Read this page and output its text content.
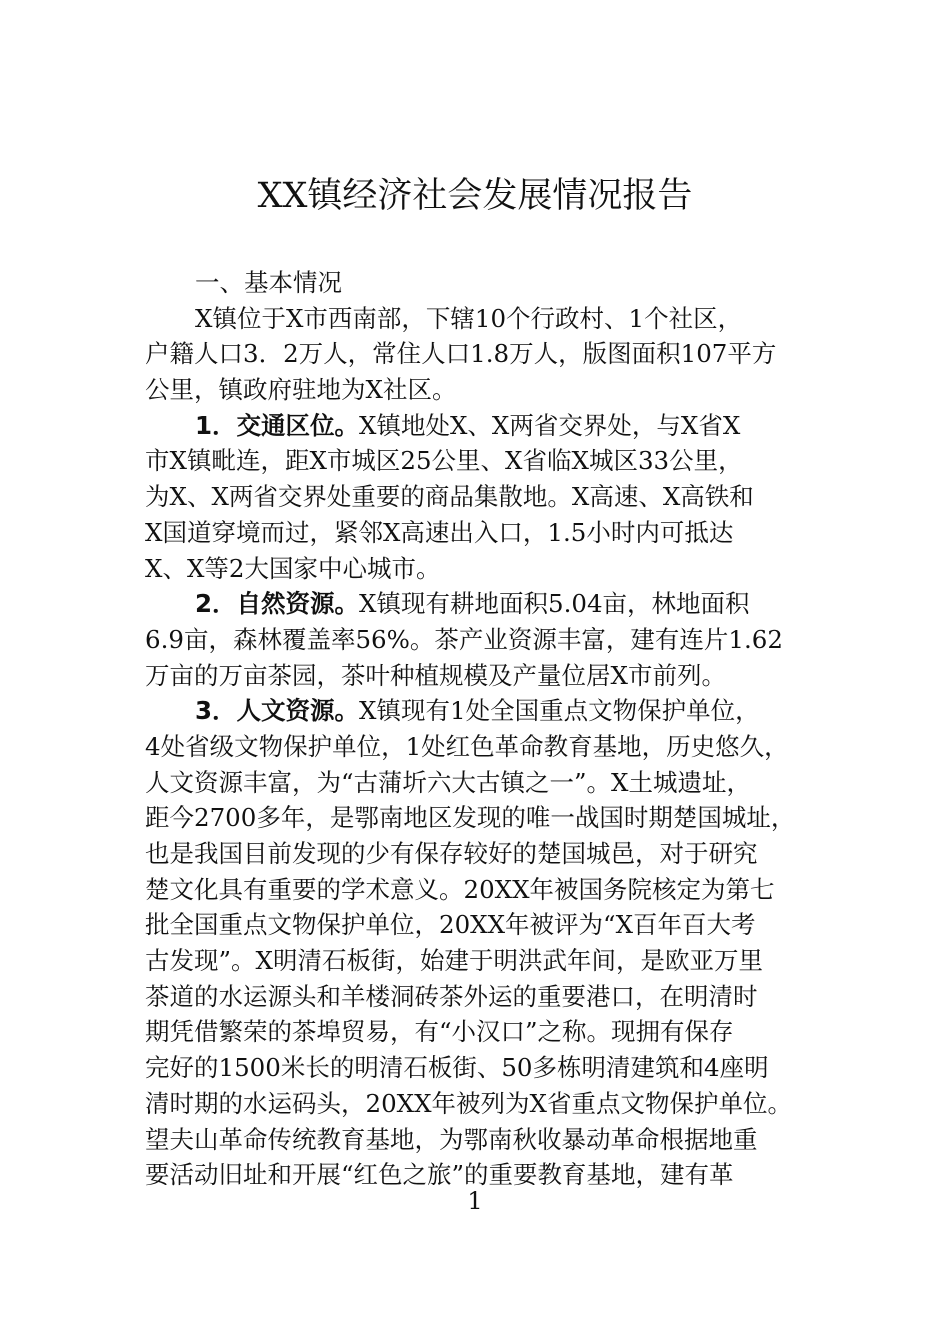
XX镇经济社会发展情况报告
一、基本情况
X镇位于X市西南部，下辖10个行政村、1个社区，
户籍人口3．2万人，常住人口1.8万人，版图面积107平方
公里，镇政府驻地为X社区。
1．交通区位。X镇地处X、X两省交界处，与X省X
市X镇毗连，距X市城区25公里、X省临X城区33公里，
为X、X两省交界处重要的商品集散地。X高速、X高铁和
X国道穿境而过，紧邻X高速出入口，1.5小时内可抵达
X、X等2大国家中心城市。
2．自然资源。X镇现有耕地面积5.04亩，林地面积
6.9亩，森林覆盖率56%。茶产业资源丰富，建有连片1.62
万亩的万亩茶园，茶叶种植规模及产量位居X市前列。
3．人文资源。X镇现有1处全国重点文物保护单位，
4处省级文物保护单位，1处红色革命教育基地，历史悠久，
人文资源丰富，为“古蒲圻六大古镇之一”。X土城遗址，
距今2700多年，是鄂南地区发现的唯一战国时期楚国城址，
也是我国目前发现的少有保存较好的楚国城邑，对于研究
楚文化具有重要的学术意义。20XX年被国务院核定为第七
批全国重点文物保护单位，20XX年被评为“X百年百大考
古发现”。X明清石板街，始建于明洪武年间，是欧亚万里
茶道的水运源头和羊楼洞砖茶外运的重要港口，在明清时
期凭借繁荣的茶埠贸易，有“小汉口”之称。现拥有保存
完好的1500米长的明清石板街、50多栋明清建筑和4座明
清时期的水运码头，20XX年被列为X省重点文物保护单位。
望夫山革命传统教育基地，为鄂南秋收暴动革命根据地重
要活动旧址和开展“红色之旅”的重要教育基地，建有革
1
